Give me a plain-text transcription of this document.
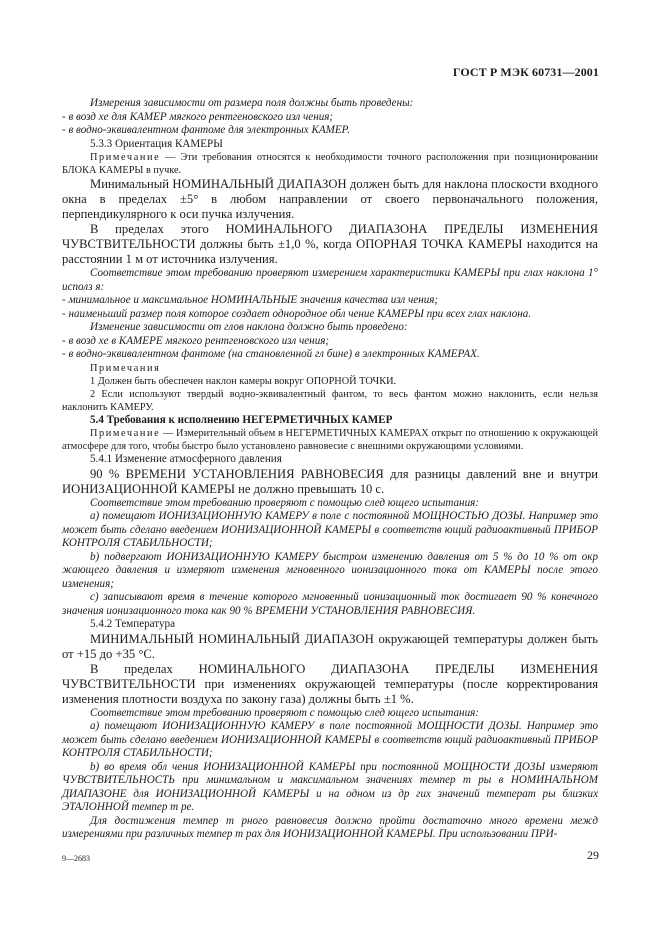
ГОСТ Р МЭК 60731—2001

Измерения зависимости от размера поля должны быть проведены:

- в возд хе для КАМЕР мягкого рентгеновского изл чения;

- в водно-эквивалентном фантоме для электронных КАМЕР.

5.3.3 Ориентация КАМЕРЫ

Примечание — Эти требования относятся к необходимости точного расположения при позиционировании БЛОКА КАМЕРЫ в пучке.

Минимальный НОМИНАЛЬНЫЙ ДИАПАЗОН должен быть для наклона плоскости входного окна в пределах ±5° в любом направлении от своего первоначального положения, перпендикулярного к оси пучка излучения.

В пределах этого НОМИНАЛЬНОГО ДИАПАЗОНА ПРЕДЕЛЫ ИЗМЕНЕНИЯ ЧУВСТВИТЕЛЬНОСТИ должны быть ±1,0 %, когда ОПОРНАЯ ТОЧКА КАМЕРЫ находится на расстоянии 1 м от источника излучения.

Соответствие этом требованию проверяют измерением характеристики КАМЕРЫ при глах наклона 1° исполз я:

- минимальное и максимальное НОМИНАЛЬНЫЕ значения качества изл чения;

- наименьший размер поля которое создает однородное обл чение КАМЕРЫ при всех глах наклона.

Изменение зависимости от глов наклона должно быть проведено:

- в возд хе в КАМЕРЕ мягкого рентгеновского изл чения;

- в водно-эквивалентном фантоме (на становленной гл бине) в электронных КАМЕРАХ.

Примечания

1 Должен быть обеспечен наклон камеры вокруг ОПОРНОЙ ТОЧКИ.

2 Если используют твердый водно-эквивалентный фантом, то весь фантом можно наклонить, если нельзя наклонить КАМЕРУ.

5.4 Требования к исполнению НЕГЕРМЕТИЧНЫХ КАМЕР

Примечание — Измерительный объем в НЕГЕРМЕТИЧНЫХ КАМЕРАХ открыт по отношению к окружающей атмосфере для того, чтобы быстро было установлено равновесие с внешними окружающими условиями.

5.4.1 Изменение атмосферного давления

90 % ВРЕМЕНИ УСТАНОВЛЕНИЯ РАВНОВЕСИЯ для разницы давлений вне и внутри ИОНИЗАЦИОННОЙ КАМЕРЫ не должно превышать 10 с.

Соответствие этом требованию проверяют с помощью след ющего испытания:

а) помещают ИОНИЗАЦИОННУЮ КАМЕРУ в поле с постоянной МОЩНОСТЬЮ ДОЗЫ. Например это может быть сделано введением ИОНИЗАЦИОННОЙ КАМЕРЫ в соответств ющий радиоактивный ПРИБОР КОНТРОЛЯ СТАБИЛЬНОСТИ;

b) подвергают ИОНИЗАЦИОННУЮ КАМЕРУ быстром изменению давления от 5 % до 10 % от окр жающего давления и измеряют изменения мгновенного ионизационного тока от КАМЕРЫ после этого изменения;

c) записывают время в течение которого мгновенный ионизационный ток достигает 90 % конечного значения ионизационного тока как 90 % ВРЕМЕНИ УСТАНОВЛЕНИЯ РАВНОВЕСИЯ.

5.4.2 Температура

МИНИМАЛЬНЫЙ НОМИНАЛЬНЫЙ ДИАПАЗОН окружающей температуры должен быть от +15 до +35 °С.

В пределах НОМИНАЛЬНОГО ДИАПАЗОНА ПРЕДЕЛЫ ИЗМЕНЕНИЯ ЧУВСТВИТЕЛЬНОСТИ при изменениях окружающей температуры (после корректирования изменения плотности воздуха по закону газа) должны быть ±1 %.

Соответствие этом требованию проверяют с помощью след ющего испытания:

а) помещают ИОНИЗАЦИОННУЮ КАМЕРУ в поле постоянной МОЩНОСТИ ДОЗЫ. Например это может быть сделано введением ИОНИЗАЦИОННОЙ КАМЕРЫ в соответств ющий радиоактивный ПРИБОР КОНТРОЛЯ СТАБИЛЬНОСТИ;

b) во время обл чения ИОНИЗАЦИОННОЙ КАМЕРЫ при постоянной МОЩНОСТИ ДОЗЫ измеряют ЧУВСТВИТЕЛЬНОСТЬ при минимальном и максимальном значениях темпер т ры в НОМИНАЛЬНОМ ДИАПАЗОНЕ для ИОНИЗАЦИОННОЙ КАМЕРЫ и на одном из др гих значений температ ры близких ЭТАЛОННОЙ темпер т ре.

Для достижения темпер т рного равновесия должно пройти достаточно много времени межд измерениями при различных темпер т рах для ИОНИЗАЦИОННОЙ КАМЕРЫ. При использовании ПРИ-

9—2683	29
